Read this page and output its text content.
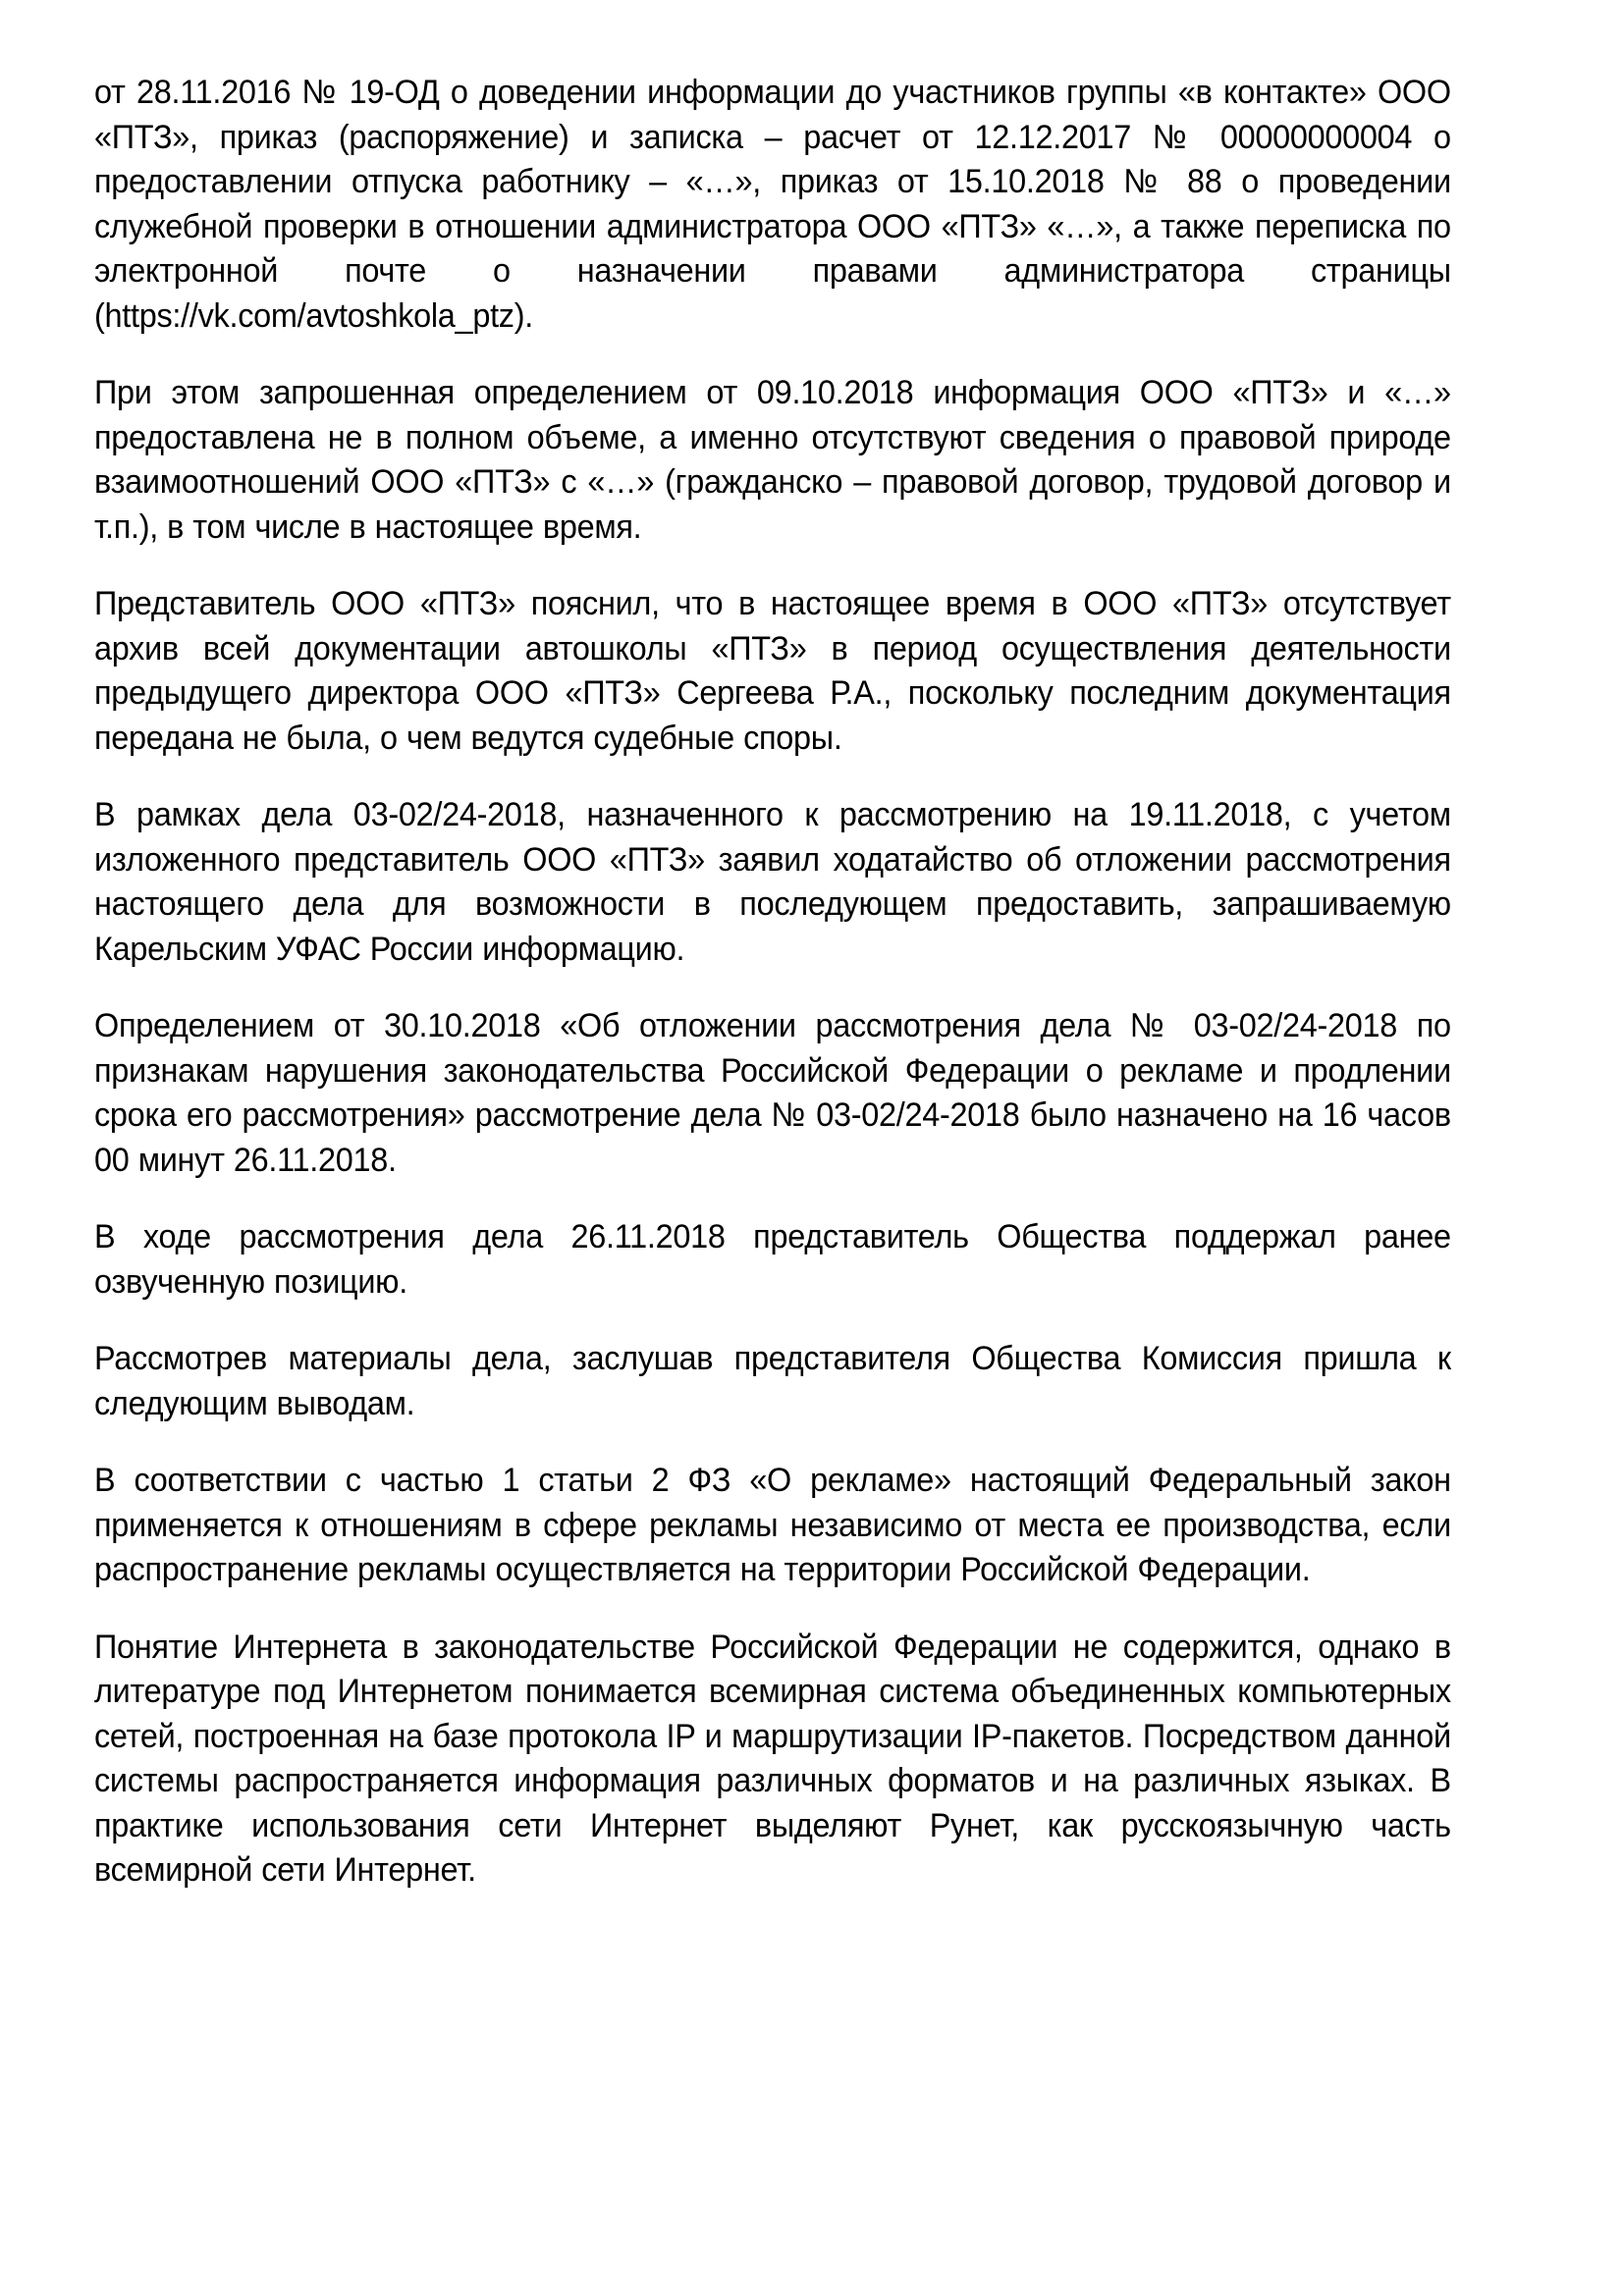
от 28.11.2016 № 19-ОД о доведении информации до участников группы «в контакте» ООО «ПТЗ», приказ (распоряжение) и записка – расчет от 12.12.2017 № 00000000004 о предоставлении отпуска работнику – «…», приказ от 15.10.2018 № 88 о проведении служебной проверки в отношении администратора ООО «ПТЗ» «…», а также переписка по электронной почте о назначении правами администратора страницы (https://vk.com/avtoshkola_ptz).

При этом запрошенная определением от 09.10.2018 информация ООО «ПТЗ» и «…» предоставлена не в полном объеме, а именно отсутствуют сведения о правовой природе взаимоотношений ООО «ПТЗ» с «…» (гражданско – правовой договор, трудовой договор и т.п.), в том числе в настоящее время.

Представитель ООО «ПТЗ» пояснил, что в настоящее время в ООО «ПТЗ» отсутствует архив всей документации автошколы «ПТЗ» в период осуществления деятельности предыдущего директора ООО «ПТЗ» Сергеева Р.А., поскольку последним документация передана не была, о чем ведутся судебные споры.

В рамках дела 03-02/24-2018, назначенного к рассмотрению на 19.11.2018, с учетом изложенного представитель ООО «ПТЗ» заявил ходатайство об отложении рассмотрения настоящего дела для возможности в последующем предоставить, запрашиваемую Карельским УФАС России информацию.

Определением от 30.10.2018 «Об отложении рассмотрения дела № 03-02/24-2018 по признакам нарушения законодательства Российской Федерации о рекламе и продлении срока его рассмотрения» рассмотрение дела № 03-02/24-2018 было назначено на 16 часов 00 минут 26.11.2018.

В ходе рассмотрения дела 26.11.2018 представитель Общества поддержал ранее озвученную позицию.

Рассмотрев материалы дела, заслушав представителя Общества Комиссия пришла к следующим выводам.

В соответствии с частью 1 статьи 2 ФЗ «О рекламе» настоящий Федеральный закон применяется к отношениям в сфере рекламы независимо от места ее производства, если распространение рекламы осуществляется на территории Российской Федерации.

Понятие Интернета в законодательстве Российской Федерации не содержится, однако в литературе под Интернетом понимается всемирная система объединенных компьютерных сетей, построенная на базе протокола IP и маршрутизации IP-пакетов. Посредством данной системы распространяется информация различных форматов и на различных языках. В практике использования сети Интернет выделяют Рунет, как русскоязычную часть всемирной сети Интернет.
